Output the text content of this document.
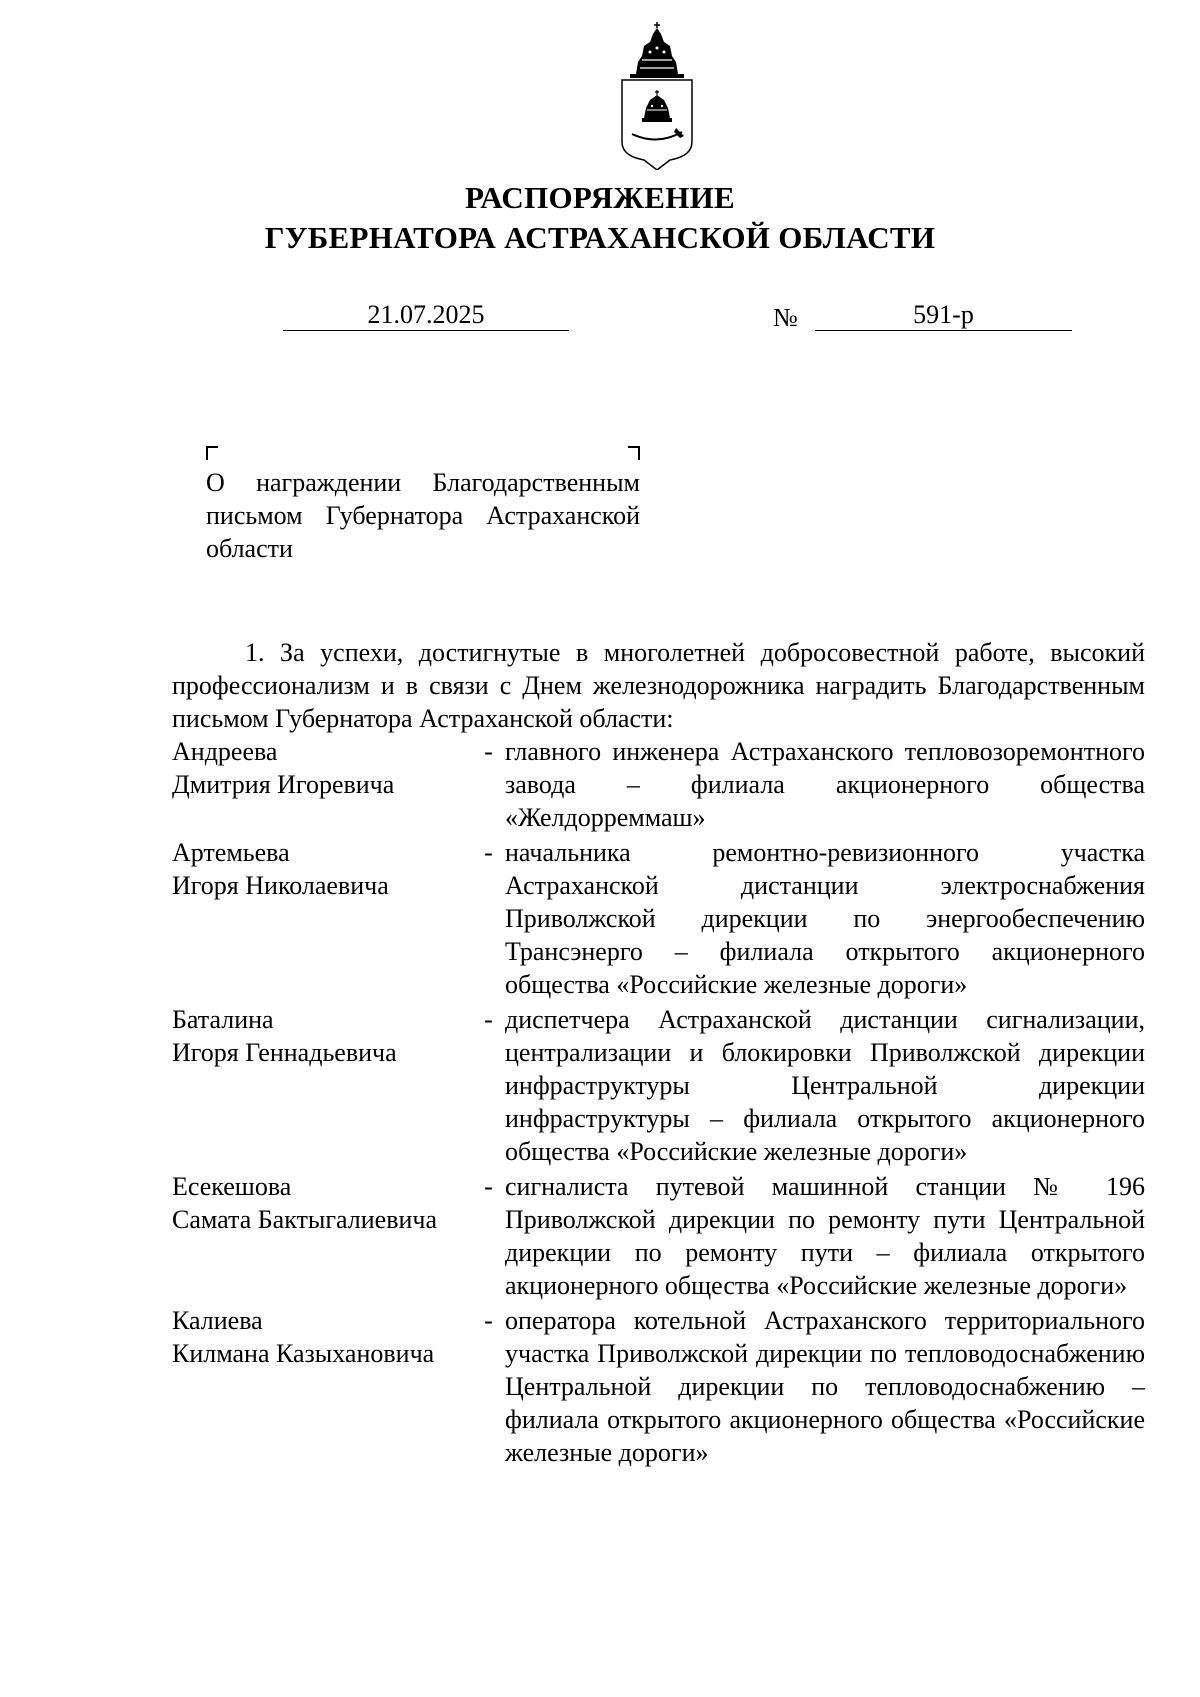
РАСПОРЯЖЕНИЕ
ГУБЕРНАТОРА АСТРАХАНСКОЙ ОБЛАСТИ
21.07.2025	№	591-р
О награждении Благодарственным письмом Губернатора Астраханской области

1. За успехи, достигнутые в многолетней добросовестной работе, высокий профессионализм и в связи с Днем железнодорожника наградить Благодарственным письмом Губернатора Астраханской области:

Андреева
Дмитрия Игоревича
- главного инженера Астраханского тепловозоремонтного завода – филиала акционерного общества «Желдорреммаш»
Артемьева
Игоря Николаевича
- начальника ремонтно-ревизионного участка Астраханской дистанции электроснабжения Приволжской дирекции по энергообеспечению Трансэнерго – филиала открытого акционерного общества «Российские железные дороги»
Баталина
Игоря Геннадьевича
- диспетчера Астраханской дистанции сигнализации, централизации и блокировки Приволжской дирекции инфраструктуры Центральной дирекции инфраструктуры – филиала открытого акционерного общества «Российские железные дороги»
Есекешова
Самата Бактыгалиевича
- сигналиста путевой машинной станции № 196 Приволжской дирекции по ремонту пути Центральной дирекции по ремонту пути – филиала открытого акционерного общества «Российские железные дороги»
Калиева
Килмана Казыхановича
- оператора котельной Астраханского территориального участка Приволжской дирекции по тепловодоснабжению Центральной дирекции по тепловодоснабжению – филиала открытого акционерного общества «Российские железные дороги»
